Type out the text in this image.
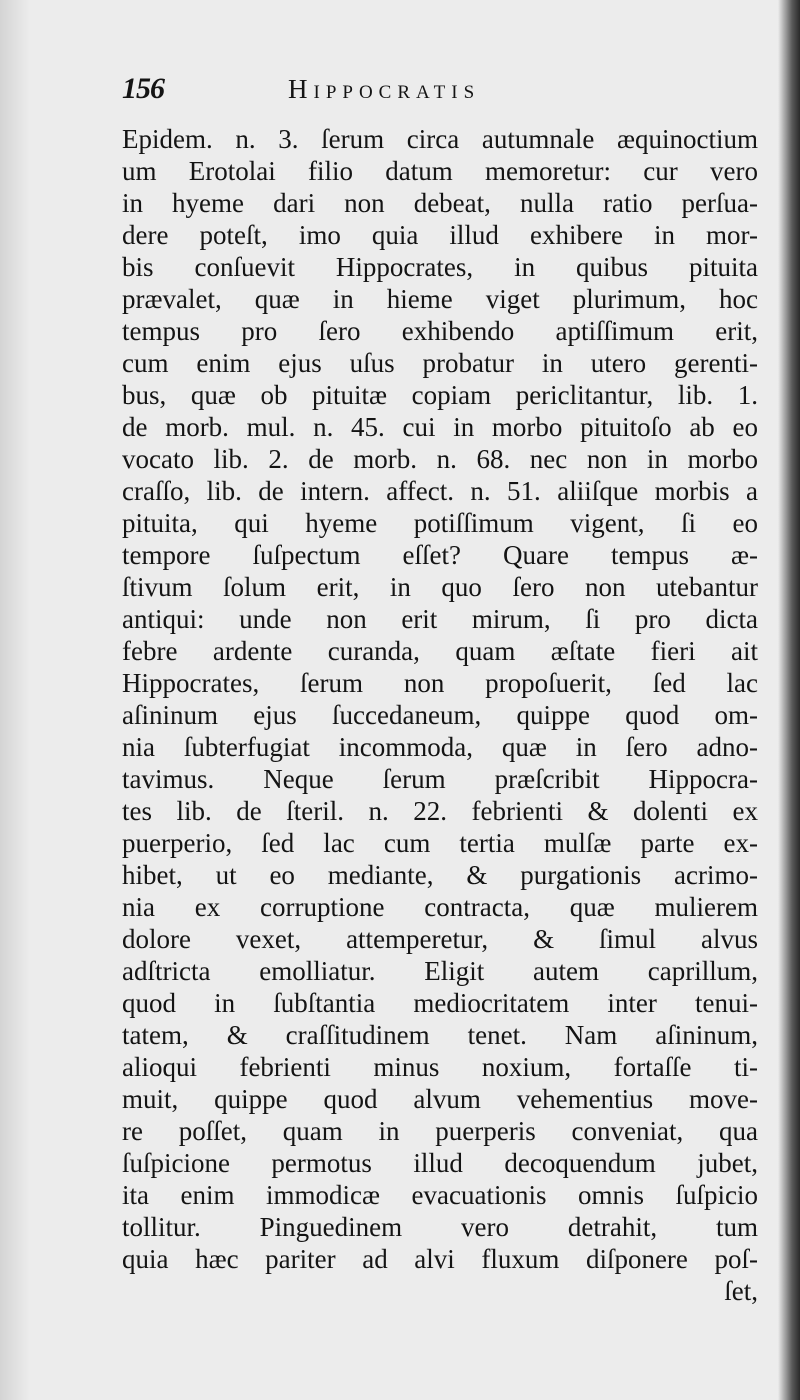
156	Hippocratis
Epidem. n. 3. ſerum circa autumnale æquinoctium
um Erotolai filio datum memoretur: cur vero
in hyeme dari non debeat, nulla ratio perſua-
dere poteſt, imo quia illud exhibere in mor-
bis conſuevit Hippocrates, in quibus pituita
prævalet, quæ in hieme viget plurimum, hoc
tempus pro ſero exhibendo aptiſſimum erit,
cum enim ejus uſus probatur in utero gerenti-
bus, quæ ob pituitæ copiam periclitantur, lib. 1.
de morb. mul. n. 45. cui in morbo pituitoſo ab eo
vocato lib. 2. de morb. n. 68. nec non in morbo
craſſo, lib. de intern. affect. n. 51. aliiſque morbis a
pituita, qui hyeme potiſſimum vigent, ſi eo
tempore ſuſpectum eſſet? Quare tempus æ-
ſtivum ſolum erit, in quo ſero non utebantur
antiqui: unde non erit mirum, ſi pro dicta
febre ardente curanda, quam æſtate fieri ait
Hippocrates, ſerum non propoſuerit, ſed lac
aſininum ejus ſuccedaneum, quippe quod om-
nia ſubterfugiat incommoda, quæ in ſero adno-
tavimus. Neque ſerum præſcribit Hippocra-
tes lib. de ſteril. n. 22. febrienti & dolenti ex
puerperio, ſed lac cum tertia mulſæ parte ex-
hibet, ut eo mediante, & purgationis acrimo-
nia ex corruptione contracta, quæ mulierem
dolore vexet, attemperetur, & ſimul alvus
adſtricta emolliatur. Eligit autem caprillum,
quod in ſubſtantia mediocritatem inter tenui-
tatem, & craſſitudinem tenet. Nam aſininum,
alioqui febrienti minus noxium, fortaſſe ti-
muit, quippe quod alvum vehementius move-
re poſſet, quam in puerperis conveniat, qua
ſuſpicione permotus illud decoquendum jubet,
ita enim immodicæ evacuationis omnis ſuſpicio
tollitur. Pinguedinem vero detrahit, tum
quia hæc pariter ad alvi fluxum diſponere poſ-
ſet,
